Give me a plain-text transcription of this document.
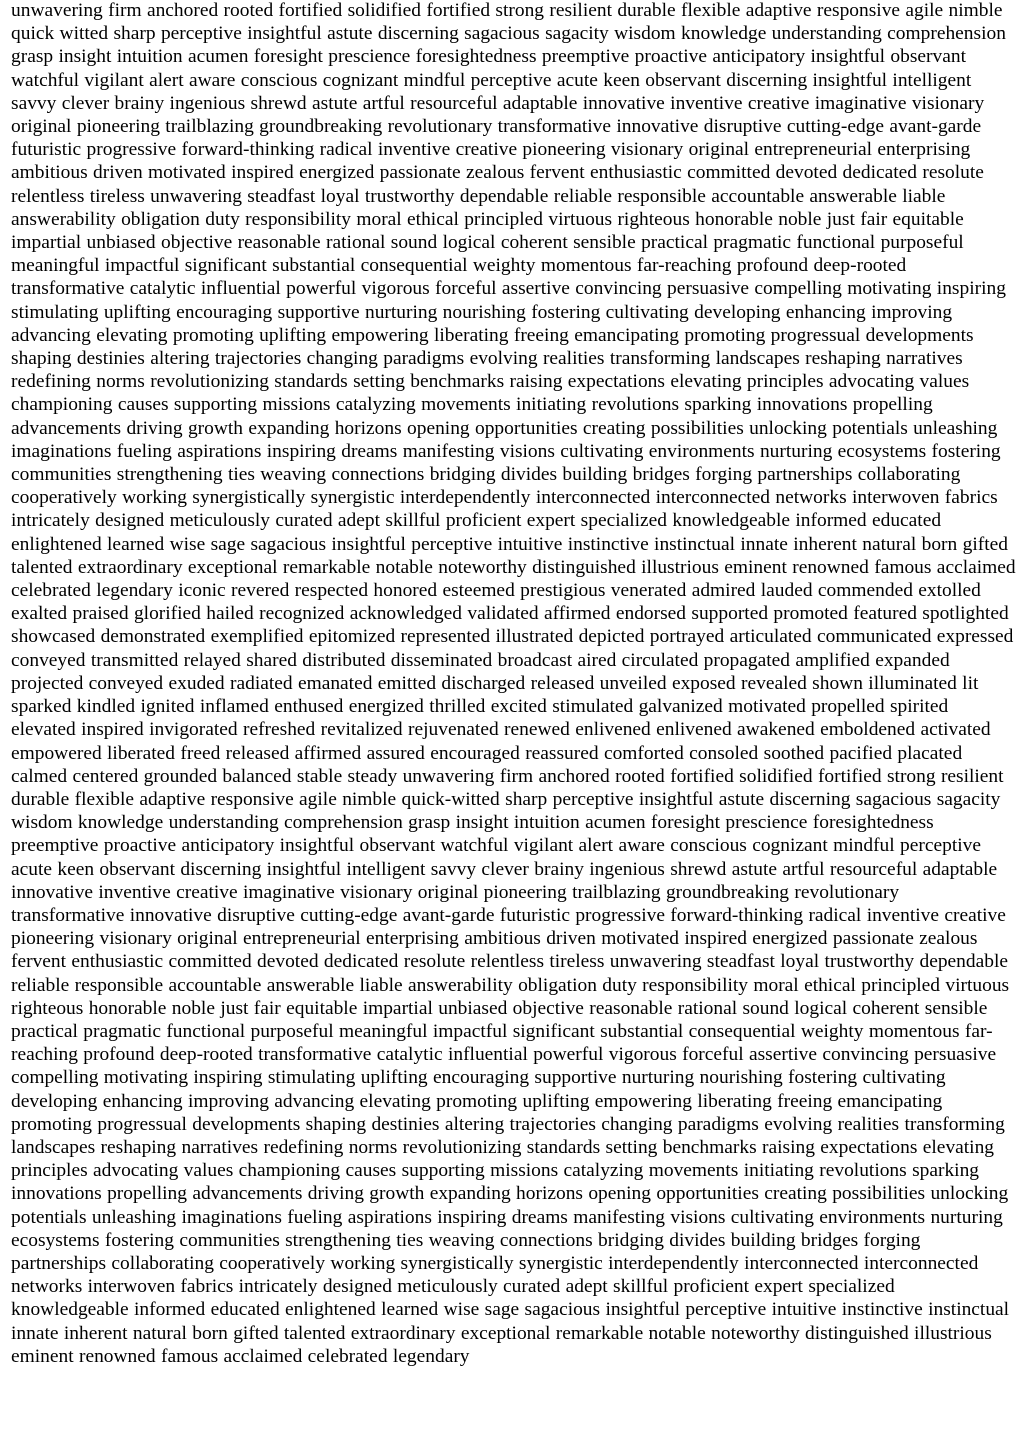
unwavering firm anchored rooted fortified solidified fortified strong resilient durable flexible adaptive responsive agile nimble quick witted sharp perceptive insightful astute discerning sagacious sagacity wisdom knowledge understanding comprehension grasp insight intuition acumen foresight prescience foresightedness preemptive proactive anticipatory insightful observant watchful vigilant alert aware conscious cognizant mindful perceptive acute keen observant discerning insightful intelligent savvy clever brainy ingenious shrewd astute artful resourceful adaptable innovative inventive creative imaginative visionary original pioneering trailblazing groundbreaking revolutionary transformative innovative disruptive cutting-edge avant-garde futuristic progressive forward-thinking radical inventive creative pioneering visionary original entrepreneurial enterprising ambitious driven motivated inspired energized passionate zealous fervent enthusiastic committed devoted dedicated resolute relentless tireless unwavering steadfast loyal trustworthy dependable reliable responsible accountable answerable liable answerability obligation duty responsibility moral ethical principled virtuous righteous honorable noble just fair equitable impartial unbiased objective reasonable rational sound logical coherent sensible practical pragmatic functional purposeful meaningful impactful significant substantial consequential weighty momentous far-reaching profound deep-rooted transformative catalytic influential powerful vigorous forceful assertive convincing persuasive compelling motivating inspiring stimulating uplifting encouraging supportive nurturing nourishing fostering cultivating developing enhancing improving advancing elevating promoting uplifting empowering liberating freeing emancipating promoting progressual developments shaping destinies altering trajectories changing paradigms evolving realities transforming landscapes reshaping narratives redefining norms revolutionizing standards setting benchmarks raising expectations elevating principles advocating values championing causes supporting missions catalyzing movements initiating revolutions sparking innovations propelling advancements driving growth expanding horizons opening opportunities creating possibilities unlocking potentials unleashing imaginations fueling aspirations inspiring dreams manifesting visions cultivating environments nurturing ecosystems fostering communities strengthening ties weaving connections bridging divides building bridges forging partnerships collaborating cooperatively working synergistically synergistic interdependently interconnected interconnected networks interwoven fabrics intricately designed meticulously curated adept skillful proficient expert specialized knowledgeable informed educated enlightened learned wise sage sagacious insightful perceptive intuitive instinctive instinctual innate inherent natural born gifted talented extraordinary exceptional remarkable notable noteworthy distinguished illustrious eminent renowned famous acclaimed celebrated legendary iconic revered respected honored esteemed prestigious venerated admired lauded commended extolled exalted praised glorified hailed recognized acknowledged validated affirmed endorsed supported promoted featured spotlighted showcased demonstrated exemplified epitomized represented illustrated depicted portrayed articulated communicated expressed conveyed transmitted relayed shared distributed disseminated broadcast aired circulated propagated amplified expanded projected conveyed exuded radiated emanated emitted discharged released unveiled exposed revealed shown illuminated lit sparked kindled ignited inflamed enthused energized thrilled excited stimulated galvanized motivated propelled spirited elevated inspired invigorated refreshed revitalized rejuvenated renewed enlivened enlivened awakened emboldened activated empowered liberated freed released affirmed assured encouraged reassured comforted consoled soothed pacified placated calmed centered grounded balanced stable steady unwavering firm anchored rooted fortified solidified fortified strong resilient durable flexible adaptive responsive agile nimble quick-witted sharp perceptive insightful astute discerning sagacious sagacity wisdom knowledge understanding comprehension grasp insight intuition acumen foresight prescience foresightedness preemptive proactive anticipatory insightful observant watchful vigilant alert aware conscious cognizant mindful perceptive acute keen observant discerning insightful intelligent savvy clever brainy ingenious shrewd astute artful resourceful adaptable innovative inventive creative imaginative visionary original pioneering trailblazing groundbreaking revolutionary transformative innovative disruptive cutting-edge avant-garde futuristic progressive forward-thinking radical inventive creative pioneering visionary original entrepreneurial enterprising ambitious driven motivated inspired energized passionate zealous fervent enthusiastic committed devoted dedicated resolute relentless tireless unwavering steadfast loyal trustworthy dependable reliable responsible accountable answerable liable answerability obligation duty responsibility moral ethical principled virtuous righteous honorable noble just fair equitable impartial unbiased objective reasonable rational sound logical coherent sensible practical pragmatic functional purposeful meaningful impactful significant substantial consequential weighty momentous far-reaching profound deep-rooted transformative catalytic influential powerful vigorous forceful assertive convincing persuasive compelling motivating inspiring stimulating uplifting encouraging supportive nurturing nourishing fostering cultivating developing enhancing improving advancing elevating promoting uplifting empowering liberating freeing emancipating promoting progressual developments shaping destinies altering trajectories changing paradigms evolving realities transforming landscapes reshaping narratives redefining norms revolutionizing standards setting benchmarks raising expectations elevating principles advocating values championing causes supporting missions catalyzing movements initiating revolutions sparking innovations propelling advancements driving growth expanding horizons opening opportunities creating possibilities unlocking potentials unleashing imaginations fueling aspirations inspiring dreams manifesting visions cultivating environments nurturing ecosystems fostering communities strengthening ties weaving connections bridging divides building bridges forging partnerships collaborating cooperatively working synergistically synergistic interdependently interconnected interconnected networks interwoven fabrics intricately designed meticulously curated adept skillful proficient expert specialized knowledgeable informed educated enlightened learned wise sage sagacious insightful perceptive intuitive instinctive instinctual innate inherent natural born gifted talented extraordinary exceptional remarkable notable noteworthy distinguished illustrious eminent renowned famous acclaimed celebrated legendary
